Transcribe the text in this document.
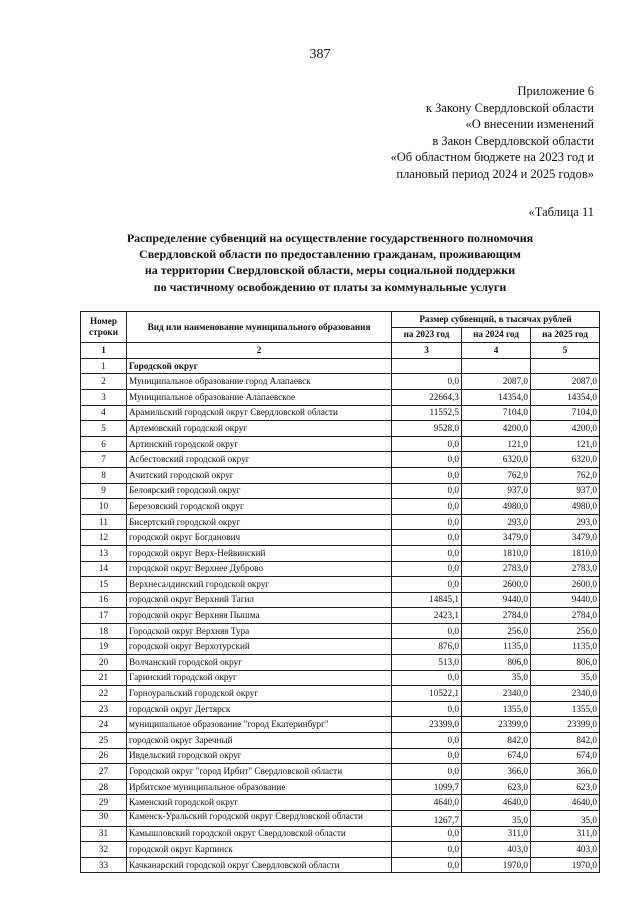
387
Приложение 6
к Закону Свердловской области
«О внесении изменений
в Закон Свердловской области
«Об областном бюджете на 2023 год и
плановый период 2024 и 2025 годов»
«Таблица 11
Распределение субвенций на осуществление государственного полномочия
Свердловской области по предоставлению гражданам, проживающим
на территории Свердловской области, меры социальной поддержки
по частичному освобождению от платы за коммунальные услуги
Номер строки	Вид или наименование муниципального образования	Размер субвенций, в тысячах рублей		
		на 2023 год	на 2024 год	на 2025 год
1	2	3	4	5
1	Городской округ			
2	Муниципальное образование город Алапаевск	0,0	2087,0	2087,0
3	Муниципальное образование Алапаевское	22664,3	14354,0	14354,0
4	Арамильский городской округ Свердловской области	11552,5	7104,0	7104,0
5	Артемовский городской округ	9528,0	4200,0	4200,0
6	Артинский городской округ	0,0	121,0	121,0
7	Асбестовский городской округ	0,0	6320,0	6320,0
8	Ачитский городской округ	0,0	762,0	762,0
9	Белоярский городской округ	0,0	937,0	937,0
10	Березовский городской округ	0,0	4980,0	4980,0
11	Бисертский городской округ	0,0	293,0	293,0
12	городской округ Богданович	0,0	3479,0	3479,0
13	городской округ Верх-Нейвинский	0,0	1810,0	1810,0
14	городской округ Верхнее Дуброво	0,0	2783,0	2783,0
15	Верхнесалдинский городской округ	0,0	2600,0	2600,0
16	городской округ Верхний Тагил	14845,1	9440,0	9440,0
17	городской округ Верхняя Пышма	2423,1	2784,0	2784,0
18	Городской округ Верхняя Тура	0,0	256,0	256,0
19	городской округ Верхотурский	876,0	1135,0	1135,0
20	Волчанский городской округ	513,0	806,0	806,0
21	Гаринский городской округ	0,0	35,0	35,0
22	Горноуральский городской округ	10522,1	2340,0	2340,0
23	городской округ Дегтярск	0,0	1355,0	1355,0
24	муниципальное образование "город Екатеринбург"	23399,0	23399,0	23399,0
25	городской округ Заречный	0,0	842,0	842,0
26	Ивдельский городской округ	0,0	674,0	674,0
27	Городской округ "город Ирбит" Свердловской области	0,0	366,0	366,0
28	Ирбитское муниципальное образование	1099,7	623,0	623,0
29	Каменский городской округ	4640,0	4640,0	4640,0
30	Каменск-Уральский городской округ Свердловской области	1267,7	35,0	35,0
31	Камышловский городской округ Свердловской области	0,0	311,0	311,0
32	городской округ Карпинск	0,0	403,0	403,0
33	Качканарский городской округ Свердловской области	0,0	1970,0	1970,0
